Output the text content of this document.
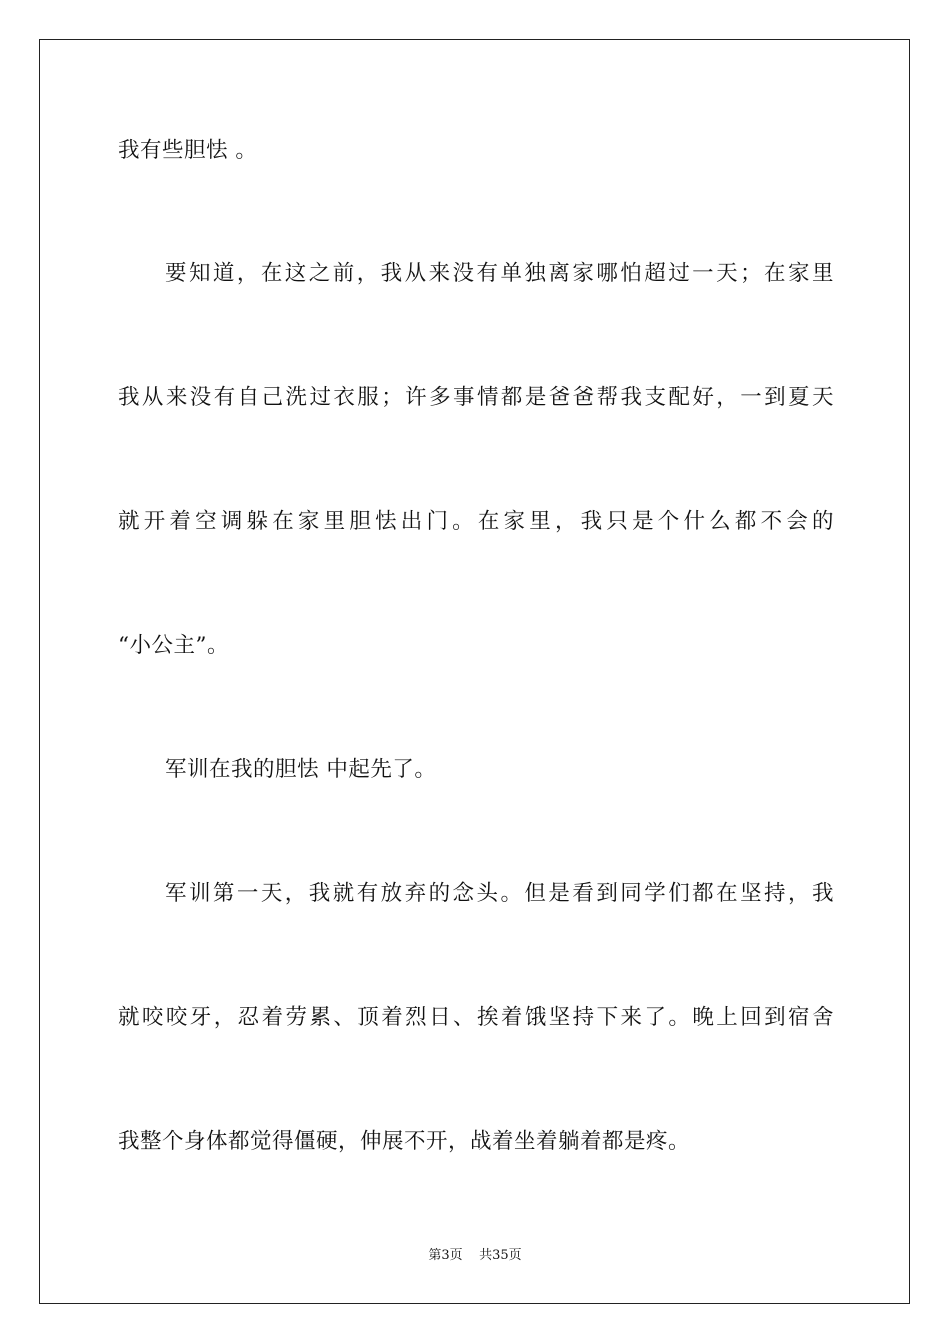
我有些胆怯 。
要知道，在这之前，我从来没有单独离家哪怕超过一天；在家里
我从来没有自己洗过衣服；许多事情都是爸爸帮我支配好，一到夏天
就开着空调躲在家里胆怯出门。在家里，我只是个什么都不会的
“小公主”。
军训在我的胆怯 中起先了。
军训第一天，我就有放弃的念头。但是看到同学们都在坚持，我
就咬咬牙，忍着劳累、顶着烈日、挨着饿坚持下来了。晚上回到宿舍
我整个身体都觉得僵硬，伸展不开，战着坐着躺着都是疼。
第3页 共35页
